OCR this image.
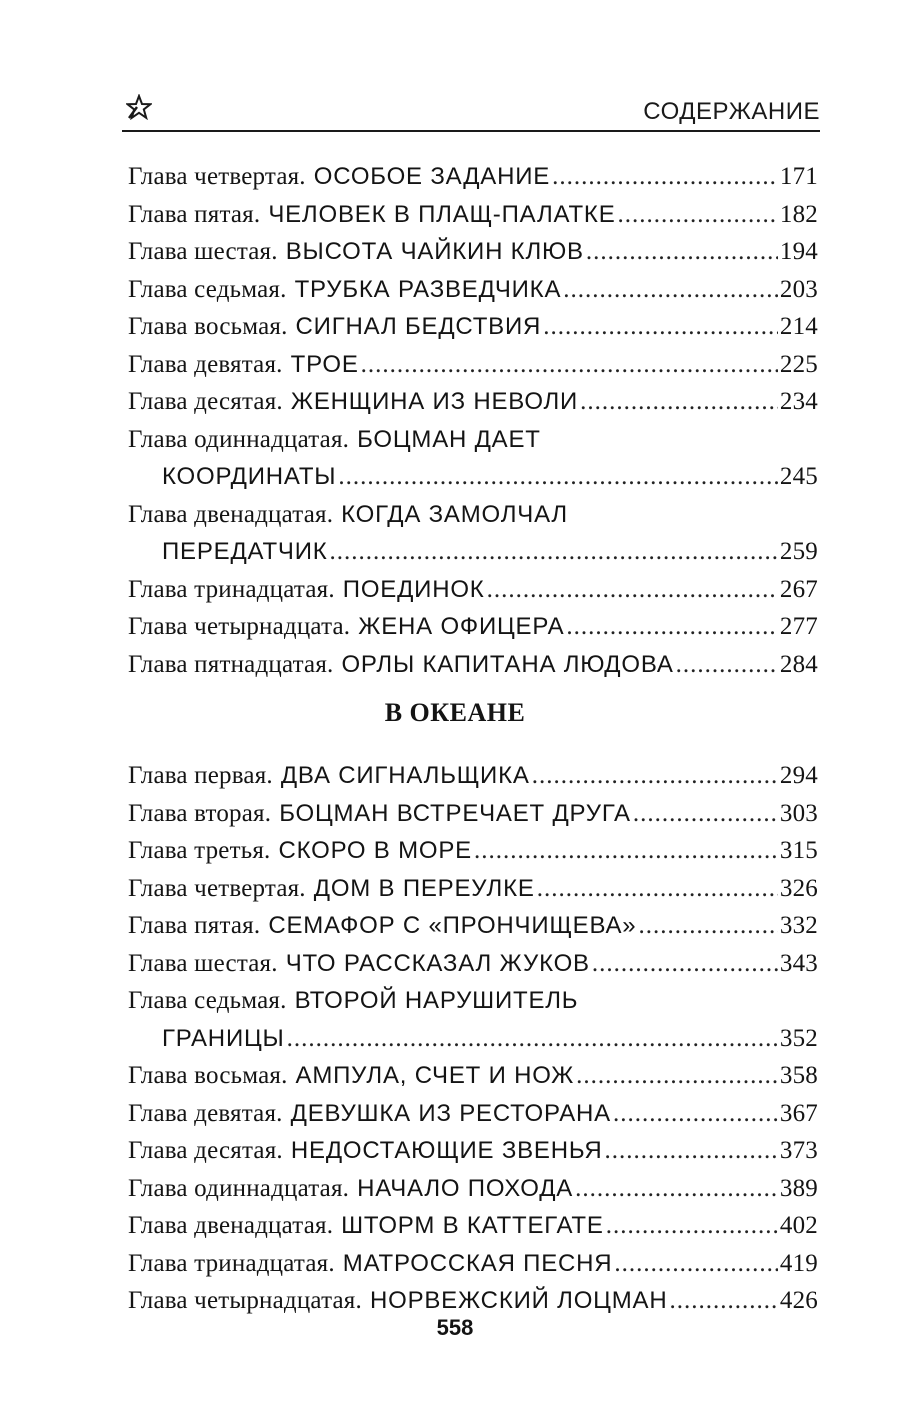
СОДЕРЖАНИЕ
Глава четвертая. ОСОБОЕ ЗАДАНИЕ .....	171
Глава пятая. ЧЕЛОВЕК В ПЛАЩ-ПАЛАТКЕ .....	182
Глава шестая. ВЫСОТА ЧАЙКИН КЛЮВ .....	194
Глава седьмая. ТРУБКА РАЗВЕДЧИКА .....	203
Глава восьмая. СИГНАЛ БЕДСТВИЯ .....	214
Глава девятая. ТРОЕ .....	225
Глава десятая. ЖЕНЩИНА ИЗ НЕВОЛИ .....	234
Глава одиннадцатая. БОЦМАН ДАЕТ
КООРДИНАТЫ .....	245
Глава двенадцатая. КОГДА ЗАМОЛЧАЛ
ПЕРЕДАТЧИК .....	259
Глава тринадцатая. ПОЕДИНОК .....	267
Глава четырнадцата. ЖЕНА ОФИЦЕРА .....	277
Глава пятнадцатая. ОРЛЫ КАПИТАНА ЛЮДОВА .....	284
В ОКЕАНЕ
Глава первая. ДВА СИГНАЛЬЩИКА .....	294
Глава вторая. БОЦМАН ВСТРЕЧАЕТ ДРУГА .....	303
Глава третья. СКОРО В МОРЕ .....	315
Глава четвертая. ДОМ В ПЕРЕУЛКЕ .....	326
Глава пятая. СЕМАФОР С «ПРОНЧИЩЕВА» .....	332
Глава шестая. ЧТО РАССКАЗАЛ ЖУКОВ .....	343
Глава седьмая. ВТОРОЙ НАРУШИТЕЛЬ
ГРАНИЦЫ .....	352
Глава восьмая. АМПУЛА, СЧЕТ И НОЖ .....	358
Глава девятая. ДЕВУШКА ИЗ РЕСТОРАНА .....	367
Глава десятая. НЕДОСТАЮЩИЕ ЗВЕНЬЯ .....	373
Глава одиннадцатая. НАЧАЛО ПОХОДА .....	389
Глава двенадцатая. ШТОРМ В КАТТЕГАТЕ .....	402
Глава тринадцатая. МАТРОССКАЯ ПЕСНЯ .....	419
Глава четырнадцатая. НОРВЕЖСКИЙ ЛОЦМАН .....	426
558
